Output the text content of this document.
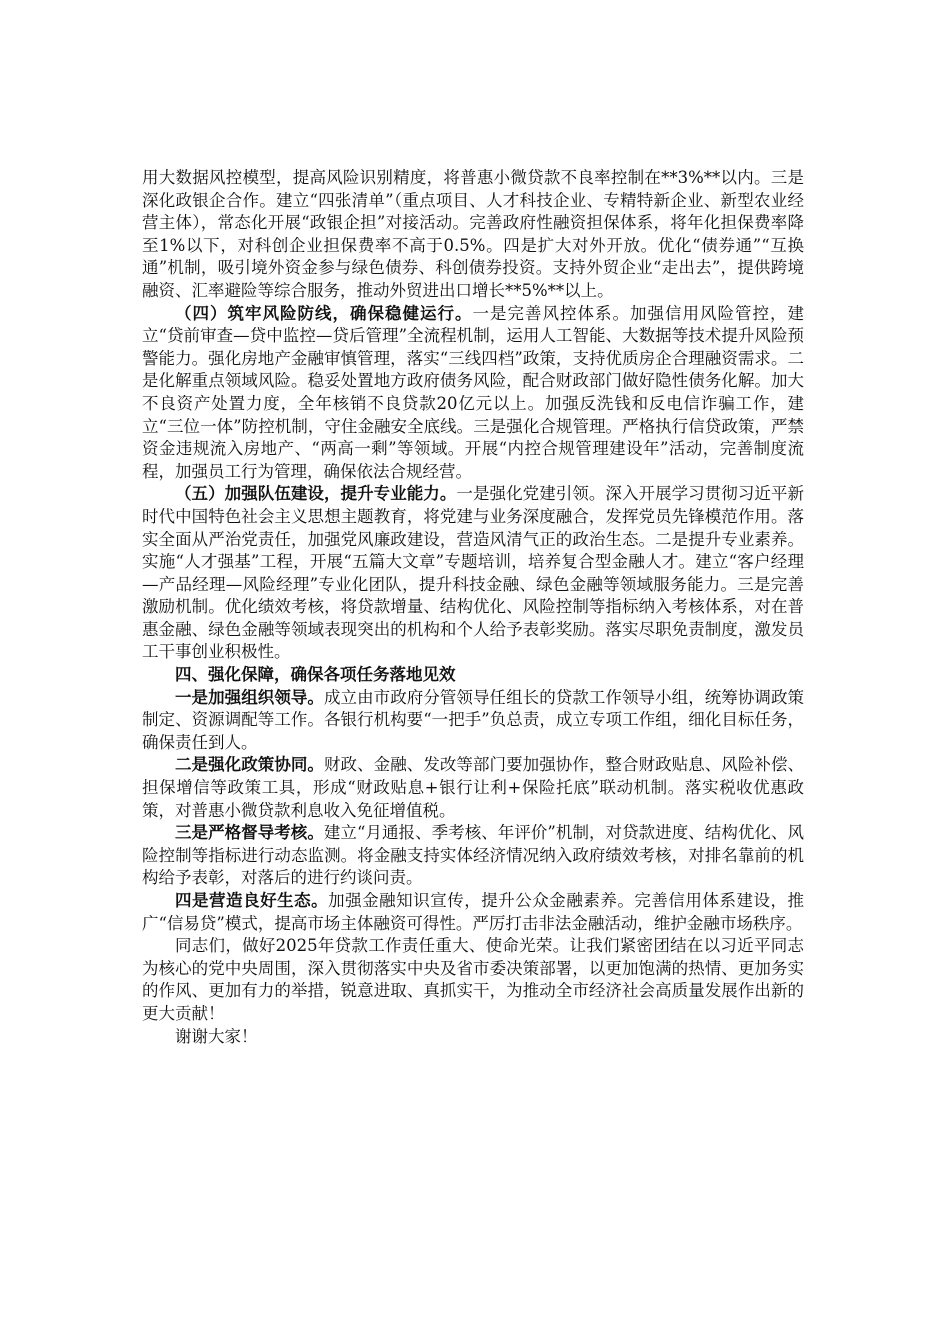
用大数据风控模型，提高风险识别精度，将普惠小微贷款不良率控制在**3%**以内。三是深化政银企合作。建立“四张清单”（重点项目、人才科技企业、专精特新企业、新型农业经营主体），常态化开展“政银企担”对接活动。完善政府性融资担保体系，将年化担保费率降至1%以下，对科创企业担保费率不高于0.5%。四是扩大对外开放。优化“债券通”“互换通”机制，吸引境外资金参与绿色债券、科创债券投资。支持外贸企业“走出去”，提供跨境融资、汇率避险等综合服务，推动外贸进出口增长**5%**以上。

（四）筑牢风险防线，确保稳健运行。一是完善风控体系。加强信用风险管控，建立“贷前审查—贷中监控—贷后管理”全流程机制，运用人工智能、大数据等技术提升风险预警能力。强化房地产金融审慎管理，落实“三线四档”政策，支持优质房企合理融资需求。二是化解重点领域风险。稳妥处置地方政府债务风险，配合财政部门做好隐性债务化解。加大不良资产处置力度，全年核销不良贷款20亿元以上。加强反洗钱和反电信诈骗工作，建立“三位一体”防控机制，守住金融安全底线。三是强化合规管理。严格执行信贷政策，严禁资金违规流入房地产、“两高一剩”等领域。开展“内控合规管理建设年”活动，完善制度流程，加强员工行为管理，确保依法合规经营。

（五）加强队伍建设，提升专业能力。一是强化党建引领。深入开展学习贯彻习近平新时代中国特色社会主义思想主题教育，将党建与业务深度融合，发挥党员先锋模范作用。落实全面从严治党责任，加强党风廉政建设，营造风清气正的政治生态。二是提升专业素养。实施“人才强基”工程，开展“五篇大文章”专题培训，培养复合型金融人才。建立“客户经理—产品经理—风险经理”专业化团队，提升科技金融、绿色金融等领域服务能力。三是完善激励机制。优化绩效考核，将贷款增量、结构优化、风险控制等指标纳入考核体系，对在普惠金融、绿色金融等领域表现突出的机构和个人给予表彰奖励。落实尽职免责制度，激发员工干事创业积极性。

四、强化保障，确保各项任务落地见效

一是加强组织领导。成立由市政府分管领导任组长的贷款工作领导小组，统筹协调政策制定、资源调配等工作。各银行机构要“一把手”负总责，成立专项工作组，细化目标任务，确保责任到人。

二是强化政策协同。财政、金融、发改等部门要加强协作，整合财政贴息、风险补偿、担保增信等政策工具，形成“财政贴息+银行让利+保险托底”联动机制。落实税收优惠政策，对普惠小微贷款利息收入免征增值税。

三是严格督导考核。建立“月通报、季考核、年评价”机制，对贷款进度、结构优化、风险控制等指标进行动态监测。将金融支持实体经济情况纳入政府绩效考核，对排名靠前的机构给予表彰，对落后的进行约谈问责。

四是营造良好生态。加强金融知识宣传，提升公众金融素养。完善信用体系建设，推广“信易贷”模式，提高市场主体融资可得性。严厉打击非法金融活动，维护金融市场秩序。

同志们，做好2025年贷款工作责任重大、使命光荣。让我们紧密团结在以习近平同志为核心的党中央周围，深入贯彻落实中央及省市委决策部署，以更加饱满的热情、更加务实的作风、更加有力的举措，锐意进取、真抓实干，为推动全市经济社会高质量发展作出新的更大贡献！

谢谢大家！
